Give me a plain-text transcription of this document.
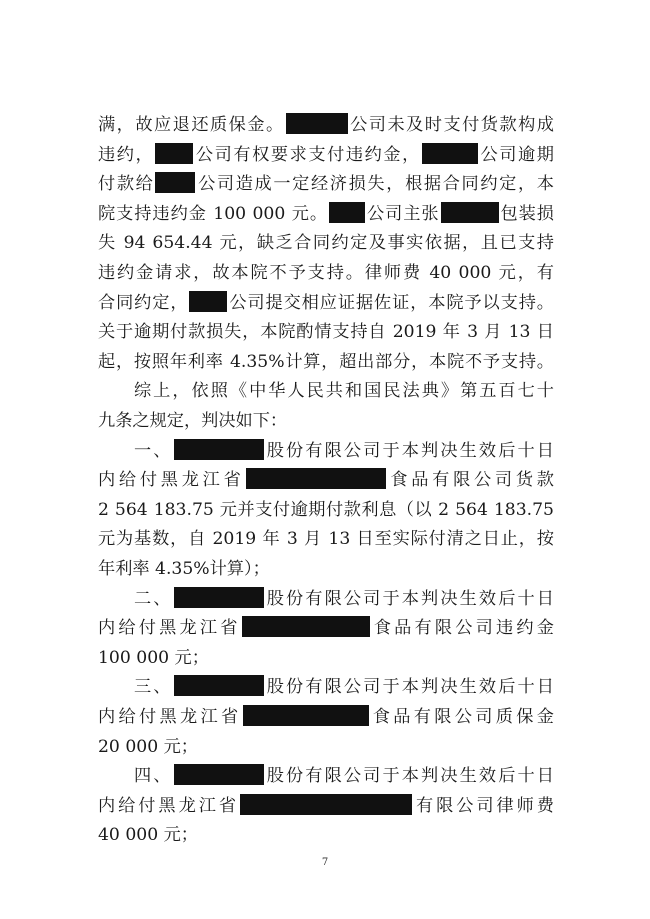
满，故应退还质保金。	公司未及时支付货款构成
违约， 公司有权要求支付违约金，	公司逾期
付款给 公司造成一定经济损失，根据合同约定，本
院支持违约金 100 000 元。 公司主张	包装损
失 94 654.44 元，缺乏合同约定及事实依据，且已支持
违约金请求，故本院不予支持。律师费 40 000 元，有
合同约定， 公司提交相应证据佐证，本院予以支持。
关于逾期付款损失，本院酌情支持自 2019 年 3 月 13 日
起，按照年利率 4.35%计算，超出部分，本院不予支持。
综上，依照《中华人民共和国民法典》第五百七十
九条之规定，判决如下：
一、	股份有限公司于本判决生效后十日
内给付黑龙江省	食品有限公司货款
2 564 183.75 元并支付逾期付款利息（以 2 564 183.75
元为基数，自 2019 年 3 月 13 日至实际付清之日止，按
年利率 4.35%计算）；
二、	股份有限公司于本判决生效后十日
内给付黑龙江省	食品有限公司违约金
100 000 元；
三、	股份有限公司于本判决生效后十日
内给付黑龙江省	食品有限公司质保金
20 000 元；
四、	股份有限公司于本判决生效后十日
内给付黑龙江省	有限公司律师费
40 000 元；
7
